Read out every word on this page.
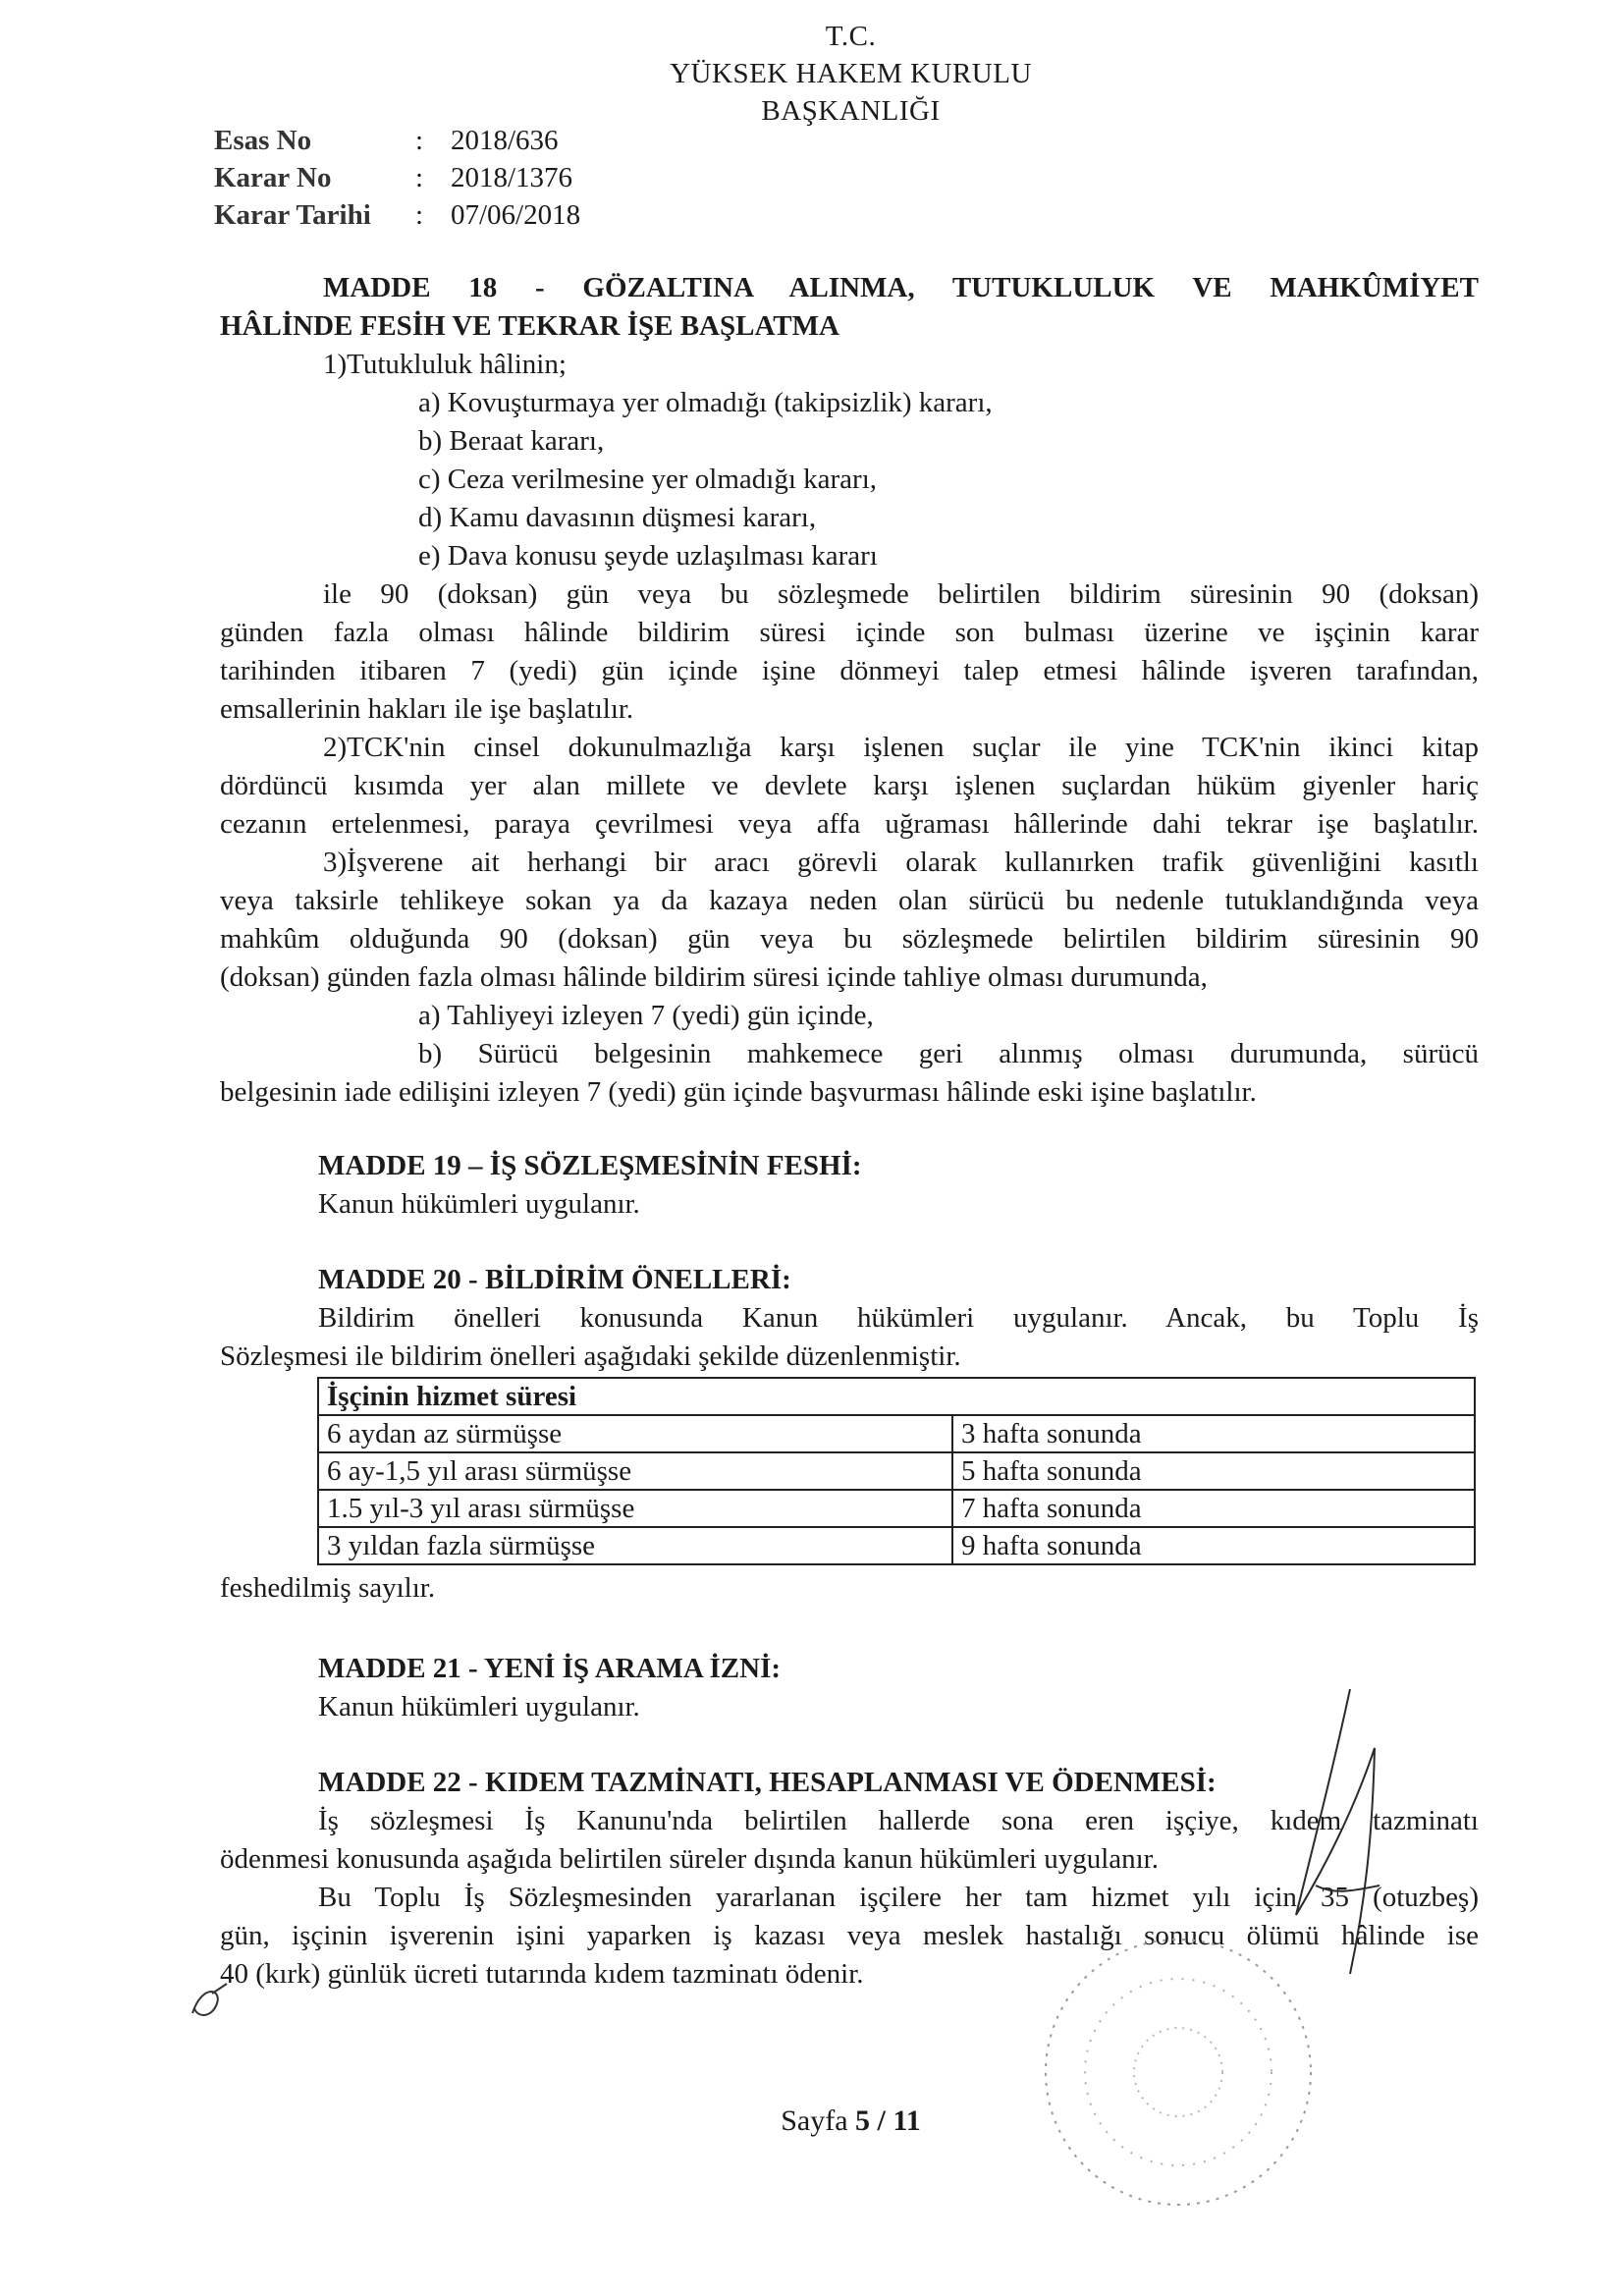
T.C.
YÜKSEK HAKEM KURULU
BAŞKANLIĞI
Esas No	: 2018/636
Karar No	: 2018/1376
Karar Tarihi	: 07/06/2018

MADDE 18 - GÖZALTINA ALINMA, TUTUKLULUK VE MAHKÛMİYET

HÂLİNDE FESİH VE TEKRAR İŞE BAŞLATMA

1)Tutukluluk hâlinin;

a) Kovuşturmaya yer olmadığı (takipsizlik) kararı,

b) Beraat kararı,

c) Ceza verilmesine yer olmadığı kararı,

d) Kamu davasının düşmesi kararı,

e) Dava konusu şeyde uzlaşılması kararı

ile 90 (doksan) gün veya bu sözleşmede belirtilen bildirim süresinin 90 (doksan)

günden fazla olması hâlinde bildirim süresi içinde son bulması üzerine ve işçinin karar

tarihinden itibaren 7 (yedi) gün içinde işine dönmeyi talep etmesi hâlinde işveren tarafından,

emsallerinin hakları ile işe başlatılır.

2)TCK'nin cinsel dokunulmazlığa karşı işlenen suçlar ile yine TCK'nin ikinci kitap

dördüncü kısımda yer alan millete ve devlete karşı işlenen suçlardan hüküm giyenler hariç

cezanın ertelenmesi, paraya çevrilmesi veya affa uğraması hâllerinde dahi tekrar işe başlatılır.

3)İşverene ait herhangi bir aracı görevli olarak kullanırken trafik güvenliğini kasıtlı

veya taksirle tehlikeye sokan ya da kazaya neden olan sürücü bu nedenle tutuklandığında veya

mahkûm olduğunda 90 (doksan) gün veya bu sözleşmede belirtilen bildirim süresinin 90

(doksan) günden fazla olması hâlinde bildirim süresi içinde tahliye olması durumunda,

a) Tahliyeyi izleyen 7 (yedi) gün içinde,

b) Sürücü belgesinin mahkemece geri alınmış olması durumunda, sürücü

belgesinin iade edilişini izleyen 7 (yedi) gün içinde başvurması hâlinde eski işine başlatılır.

MADDE 19 – İŞ SÖZLEŞMESİNİN FESHİ:

Kanun hükümleri uygulanır.

MADDE 20 - BİLDİRİM ÖNELLERİ:

Bildirim önelleri konusunda Kanun hükümleri uygulanır. Ancak, bu Toplu İş

Sözleşmesi ile bildirim önelleri aşağıdaki şekilde düzenlenmiştir.

İşçinin hizmet süresi	
6 aydan az sürmüşse	3 hafta sonunda
6 ay-1,5 yıl arası sürmüşse	5 hafta sonunda
1.5 yıl-3 yıl arası sürmüşse	7 hafta sonunda
3 yıldan fazla sürmüşse	9 hafta sonunda

feshedilmiş sayılır.

MADDE 21 - YENİ İŞ ARAMA İZNİ:

Kanun hükümleri uygulanır.

MADDE 22 - KIDEM TAZMİNATI, HESAPLANMASI VE ÖDENMESİ:

İş sözleşmesi İş Kanunu'nda belirtilen hallerde sona eren işçiye, kıdem tazminatı

ödenmesi konusunda aşağıda belirtilen süreler dışında kanun hükümleri uygulanır.

Bu Toplu İş Sözleşmesinden yararlanan işçilere her tam hizmet yılı için 35 (otuzbeş)

gün, işçinin işverenin işini yaparken iş kazası veya meslek hastalığı sonucu ölümü hâlinde ise

40 (kırk) günlük ücreti tutarında kıdem tazminatı ödenir.

Sayfa 5 / 11
